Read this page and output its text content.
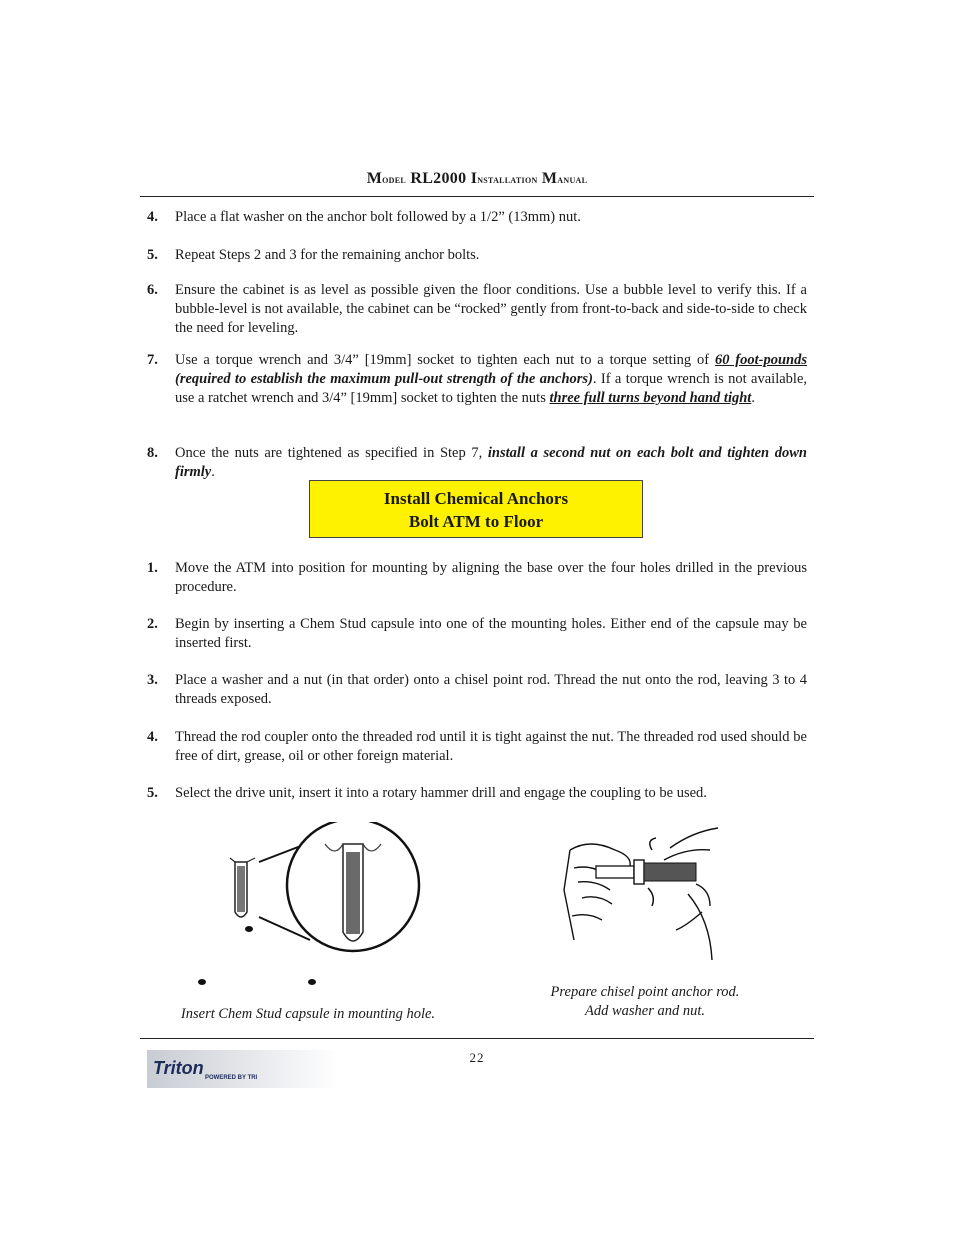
Model RL2000 Installation Manual
4.	Place a flat washer on the anchor bolt followed by a 1/2” (13mm) nut.
5.	Repeat Steps 2 and 3 for the remaining anchor bolts.
6.	Ensure the cabinet is as level as possible given the floor conditions. Use a bubble level to verify this. If a bubble-level is not available, the cabinet can be “rocked” gently from front-to-back and side-to-side to check the need for leveling.
7.	Use a torque wrench and 3/4” [19mm] socket to tighten each nut to a torque setting of 60 foot-pounds (required to establish the maximum pull-out strength of the anchors). If a torque wrench is not available, use a ratchet wrench and 3/4” [19mm] socket to tighten the nuts three full turns beyond hand tight.
8.	Once the nuts are tightened as specified in Step 7, install a second nut on each bolt and tighten down firmly.
Install Chemical Anchors
Bolt ATM to Floor
1.	Move the ATM into position for mounting by aligning the base over the four holes drilled in the previous procedure.
2.	Begin by inserting a Chem Stud capsule into one of the mounting holes. Either end of the capsule may be inserted first.
3.	Place a washer and a nut (in that order) onto a chisel point rod. Thread the nut onto the rod, leaving 3 to 4 threads exposed.
4.	Thread the rod coupler onto the threaded rod until it is tight against the nut. The threaded rod used should be free of dirt, grease, oil or other foreign material.
5.	Select the drive unit, insert it into a rotary hammer drill and engage the coupling to be used.
Insert Chem Stud capsule in mounting hole.
Prepare chisel point anchor rod.
Add washer and nut.
22
Triton POWERED BY TRI
